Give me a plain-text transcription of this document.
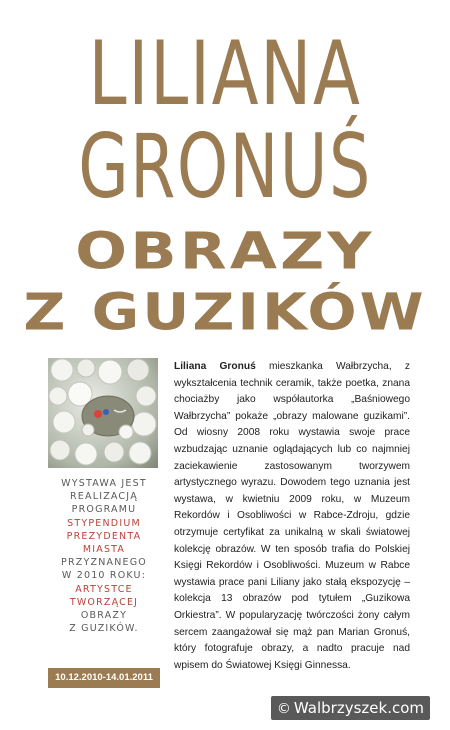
LILIANA
GRONUŚ
OBRAZY
Z GUZIKÓW
WYSTAWA JEST
REALIZACJĄ
PROGRAMU
STYPENDIUM
PREZYDENTA
MIASTA
PRZYZNANEGO
W 2010 ROKU:
ARTYSTCE
TWORZĄCEJ
OBRAZY
Z GUZIKÓW.
10.12.2010-14.01.2011
Liliana Gronuś mieszkanka Wałbrzycha, z wykształcenia technik ceramik, także poetka, znana chociażby jako współautorka „Baśniowego Wałbrzycha” pokaże „obrazy malowane guzikami”. Od wiosny 2008 roku wystawia swoje prace wzbudzając uznanie oglądających lub co najmniej zaciekawienie zastosowanym tworzywem artystycznego wyrazu. Dowodem tego uznania jest wystawa, w kwietniu 2009 roku, w Muzeum Rekordów i Osobliwości w Rabce-Zdroju, gdzie otrzymuje certyfikat za unikalną w skali światowej kolekcję obrazów. W ten sposób trafia do Polskiej Księgi Rekordów i Osobliwości. Muzeum w Rabce wystawia prace pani Liliany jako stałą ekspozycję – kolekcja 13 obrazów pod tytułem „Guzikowa Orkiestra”. W popularyzację twórczości żony całym sercem zaangażował się mąż pan Marian Gronuś, który fotografuje obrazy, a nadto pracuje nad wpisem do Światowej Księgi Ginnessa.
© Walbrzyszek.com
